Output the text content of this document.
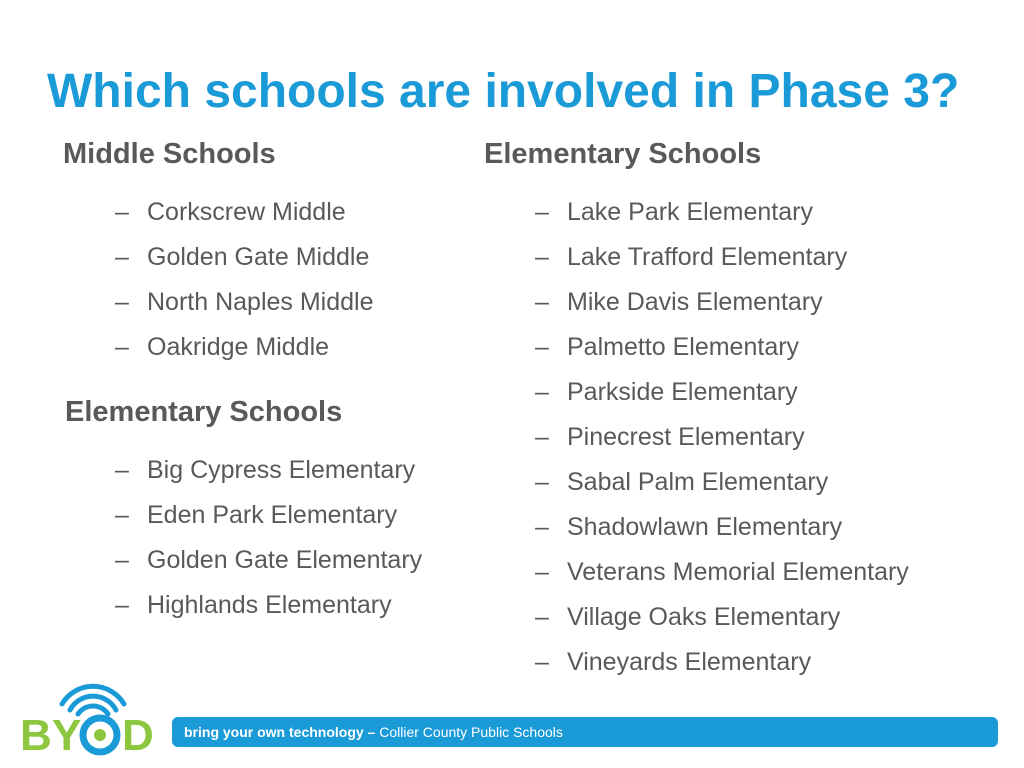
Which schools are involved in Phase 3?
Middle Schools
– Corkscrew Middle
– Golden Gate Middle
– North Naples Middle
– Oakridge Middle
Elementary Schools
– Big Cypress Elementary
– Eden Park Elementary
– Golden Gate Elementary
– Highlands Elementary
Elementary Schools
– Lake Park Elementary
– Lake Trafford Elementary
– Mike Davis Elementary
– Palmetto Elementary
– Parkside Elementary
– Pinecrest Elementary
– Sabal Palm Elementary
– Shadowlawn Elementary
– Veterans Memorial Elementary
– Village Oaks Elementary
– Vineyards Elementary
B Y D	bring your own technology – Collier County Public Schools
